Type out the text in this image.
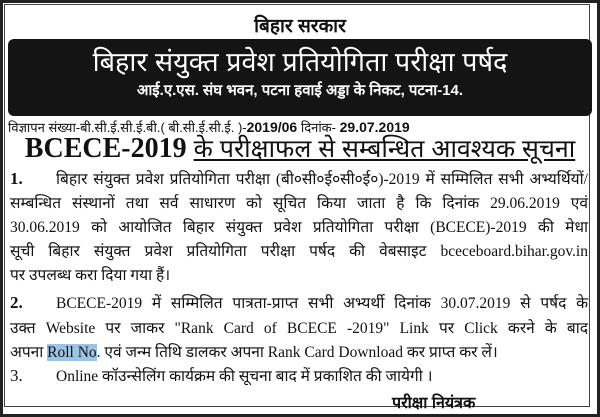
बिहार सरकार
बिहार संयुक्त प्रवेश प्रतियोगिता परीक्षा पर्षद
आई.ए.एस. संघ भवन, पटना हवाई अड्डा के निकट, पटना-14.
विज्ञापन संख्या-बी.सी.ई.सी.ई.बी.( बी.सी.ई.सी.ई. )-2019/06 दिनांक- 29.07.2019
BCECE-2019 के परीक्षाफल से सम्बन्धित आवश्यक सूचना
1. बिहार संयुक्त प्रवेश प्रतियोगिता परीक्षा (बी०सी०ई०सी०ई०)-2019 में सम्मिलित सभी अभ्यर्थियों/
सम्बन्धित संस्थानों तथा सर्व साधारण को सूचित किया जाता है कि दिनांक 29.06.2019 एवं
30.06.2019 को आयोजित बिहार संयुक्त प्रवेश प्रतियोगिता परीक्षा (BCECE)-2019 की मेधा
सूची बिहार संयुक्त प्रवेश प्रतियोगिता परीक्षा पर्षद की वेबसाइट bceceboard.bihar.gov.in
पर उपलब्ध करा दिया गया हैं।
2. BCECE-2019 में सम्मिलित पात्रता-प्राप्त सभी अभ्यर्थी दिनांक 30.07.2019 से पर्षद के
उक्त Website पर जाकर "Rank Card of BCECE -2019" Link पर Click करने के बाद
अपना Roll No. एवं जन्म तिथि डालकर अपना Rank Card Download कर प्राप्त कर लें।
3. Online कॉउन्सेलिंग कार्यक्रम की सूचना बाद में प्रकाशित की जायेगी ।
परीक्षा नियंत्रक
